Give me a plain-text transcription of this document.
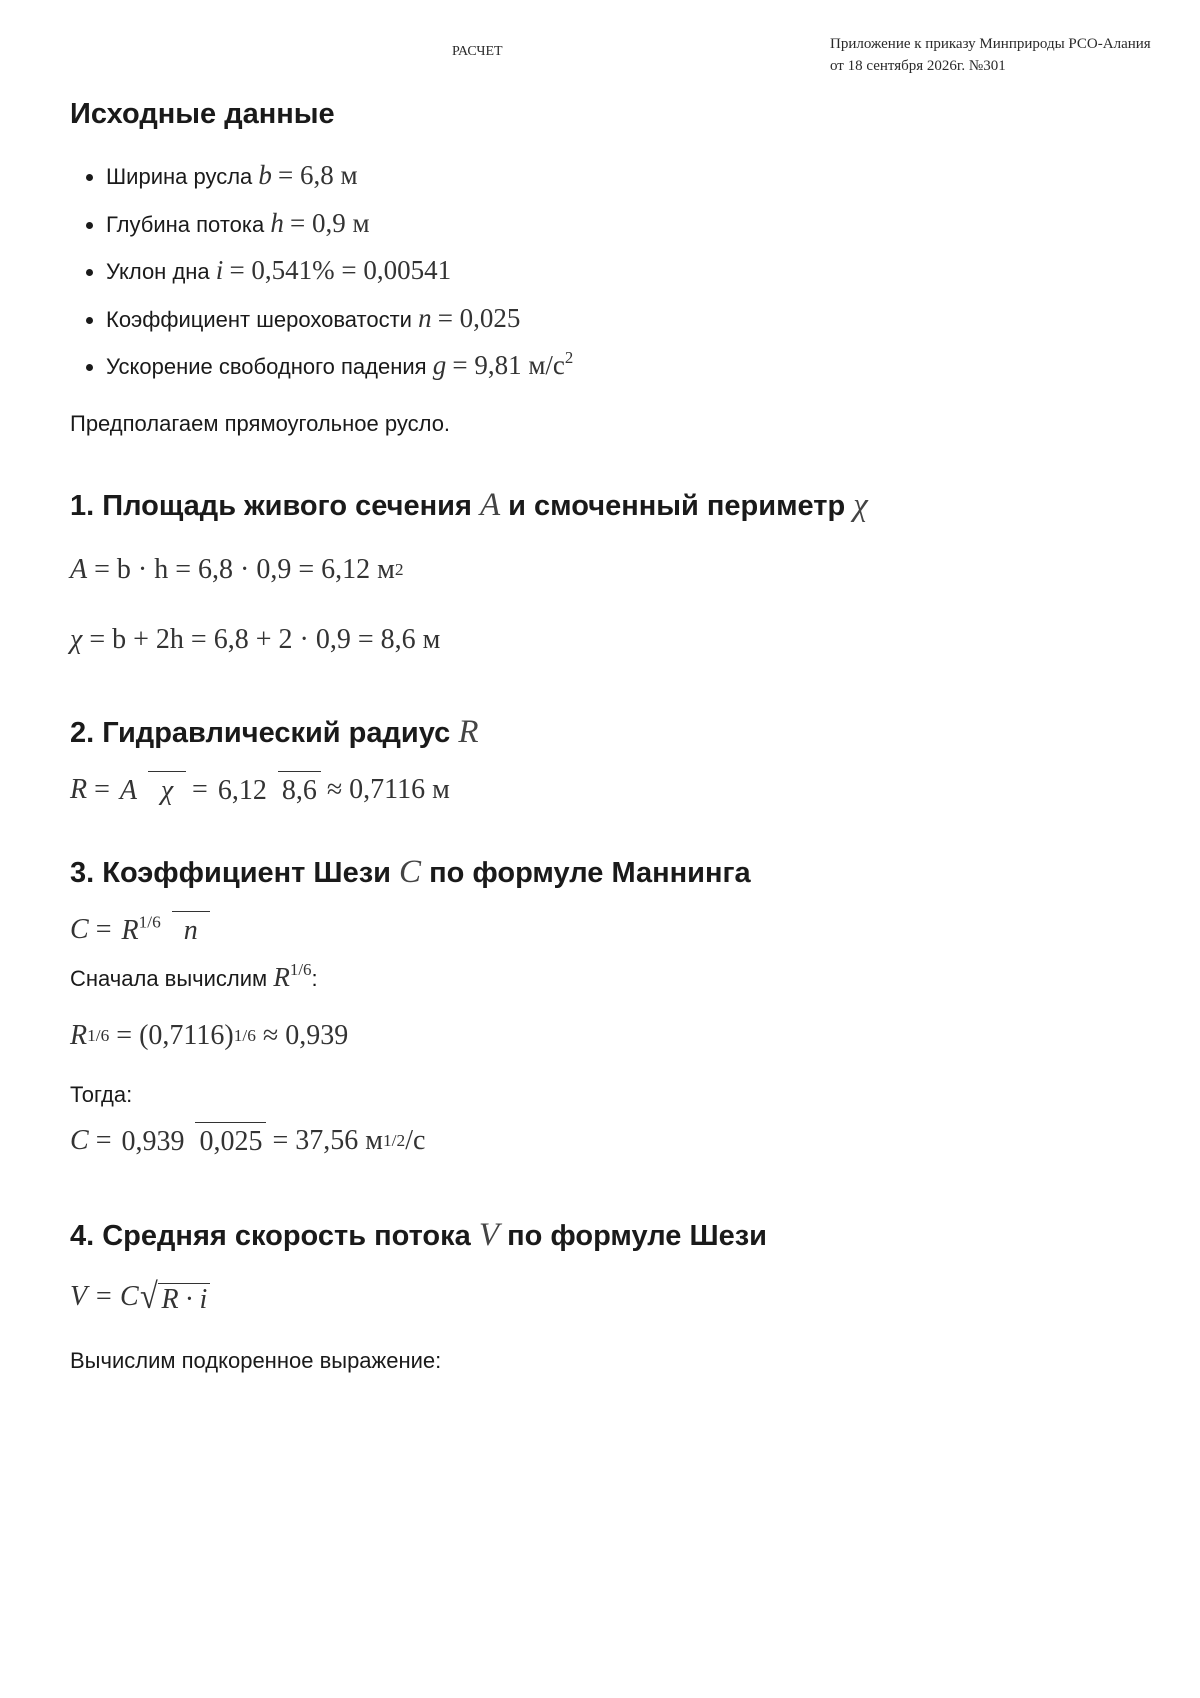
РАСЧЕТ	Приложение к приказу Минприроды РСО-Алания
от 18 сентября 2026г. №301
Исходные данные
• Ширина русла b = 6,8 м
• Глубина потока h = 0,9 м
• Уклон дна i = 0,541% = 0,00541
• Коэффициент шероховатости n = 0,025
• Ускорение свободного падения g = 9,81 $м/с^2$

Предполагаем прямоугольное русло.

1. Площадь живого сечения A и смоченный периметр χ
A
= b · h = 6,8 · 0,9 = 6,12 м 2
χ
= b + 2h = 6,8 + 2 · 0,9 = 8,6 м
2. Гидравлический радиус R
R = A χ = 6,12 8,6 ≈ 0,7116 м
3. Коэффициент Шези C по формуле Маннинга
$C = R^{1/6}$ n

Сначала вычислим $R^{1/6}$:

R 1/6
= (0,7116) 1/6
≈ 0,939

Тогда:

C = 0,939 0,025 = 37,56 м 1/2 /с
4. Средняя скорость потока V по формуле Шези
V
= C √ R · i

Вычислим подкоренное выражение:
